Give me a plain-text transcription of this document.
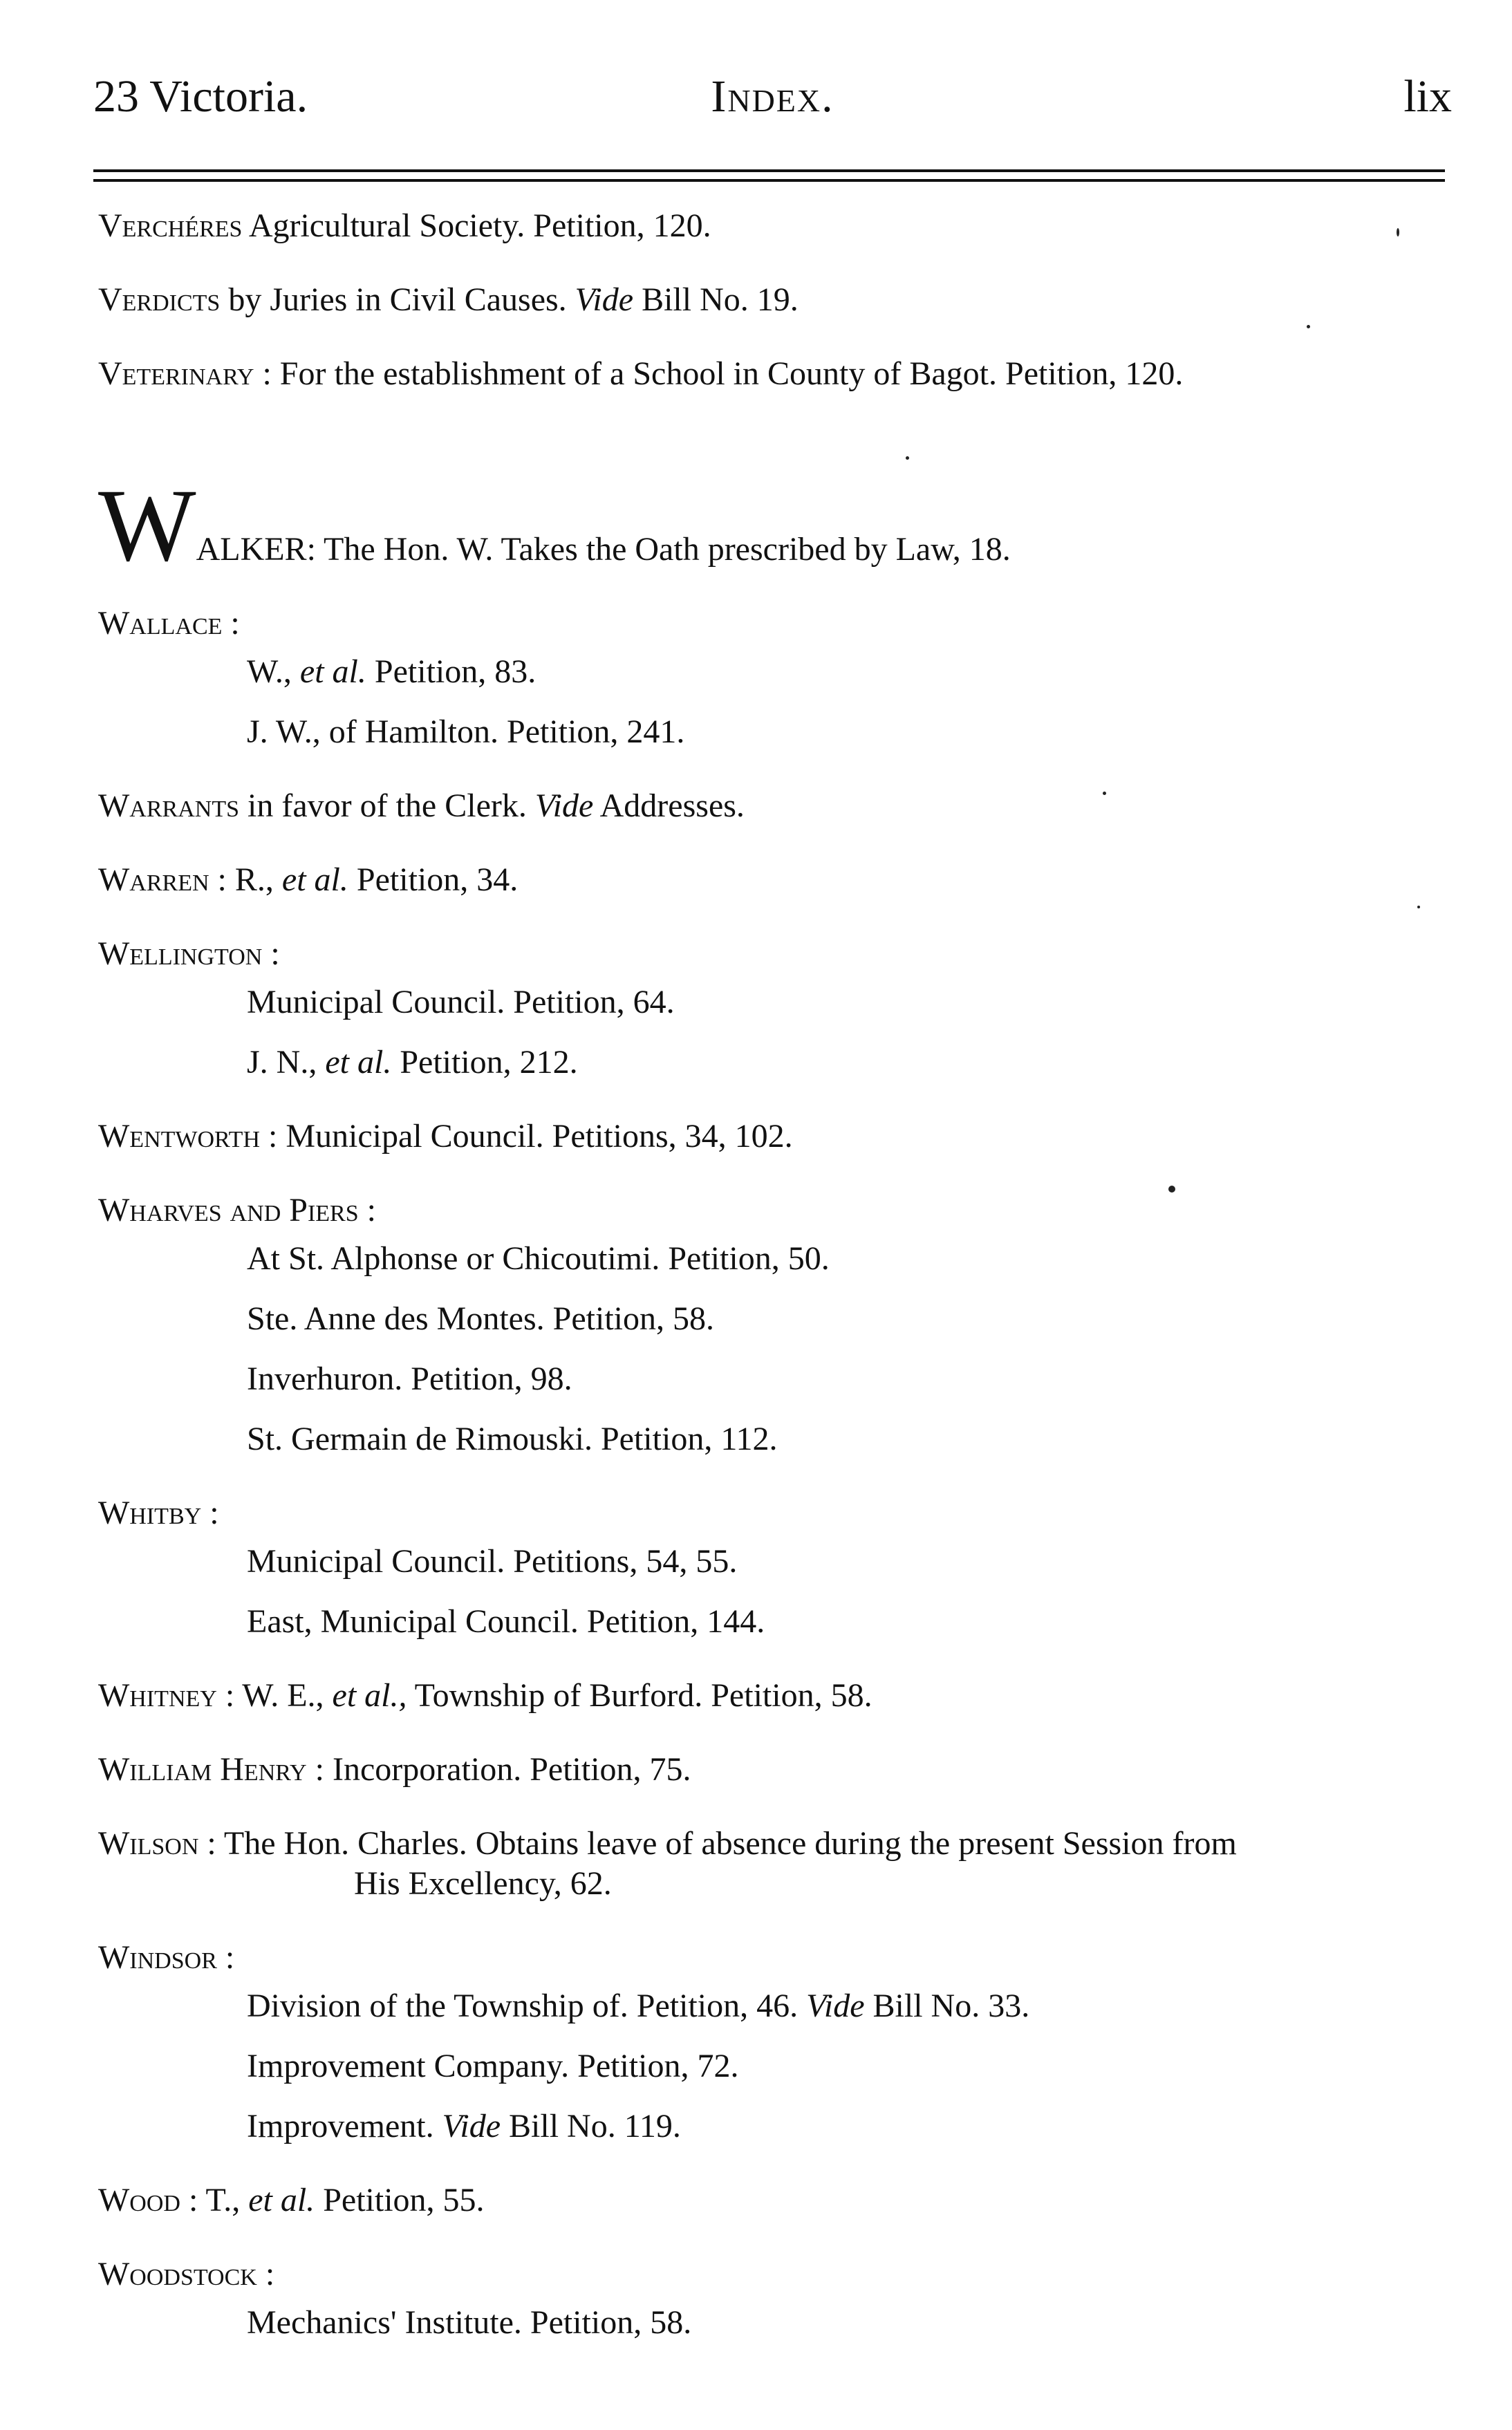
23 Victoria.	Index.	lix
Verchéres Agricultural Society. Petition, 120.
Verdicts by Juries in Civil Causes. Vide Bill No. 19.
Veterinary : For the establishment of a School in County of Bagot. Petition, 120.
WALKER: The Hon. W. Takes the Oath prescribed by Law, 18.
Wallace :
W., et al. Petition, 83.
J. W., of Hamilton. Petition, 241.
Warrants in favor of the Clerk. Vide Addresses.
Warren : R., et al. Petition, 34.
Wellington :
Municipal Council. Petition, 64.
J. N., et al. Petition, 212.
Wentworth : Municipal Council. Petitions, 34, 102.
Wharves and Piers :
At St. Alphonse or Chicoutimi. Petition, 50.
Ste. Anne des Montes. Petition, 58.
Inverhuron. Petition, 98.
St. Germain de Rimouski. Petition, 112.
Whitby :
Municipal Council. Petitions, 54, 55.
East, Municipal Council. Petition, 144.
Whitney : W. E., et al., Township of Burford. Petition, 58.
William Henry : Incorporation. Petition, 75.
Wilson : The Hon. Charles. Obtains leave of absence during the present Session from
His Excellency, 62.
Windsor :
Division of the Township of. Petition, 46. Vide Bill No. 33.
Improvement Company. Petition, 72.
Improvement. Vide Bill No. 119.
Wood : T., et al. Petition, 55.
Woodstock :
Mechanics' Institute. Petition, 58.
